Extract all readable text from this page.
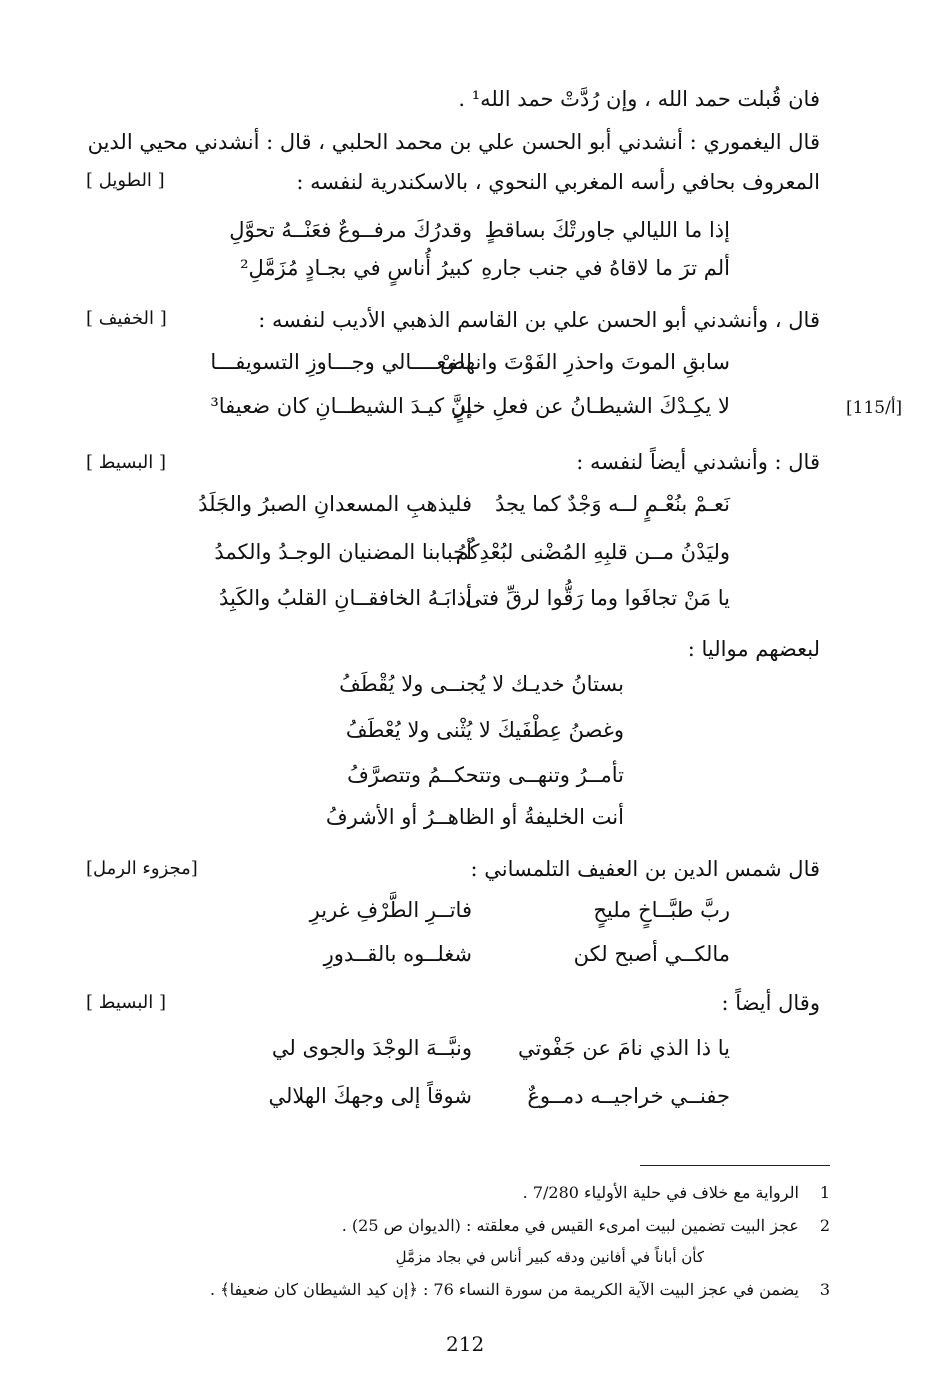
فان قُبلت حمد الله ، وإن رُدَّتْ حمد الله¹ .
قال اليغموري : أنشدني أبو الحسن علي بن محمد الحلبي ، قال : أنشدني محيي الدين
المعروف بحافي رأسه المغربي النحوي ، بالاسكندرية لنفسه :
[ الطويل ]
إذا ما الليالي جاورتْكَ بساقطٍ
وقدرُكَ مرفــوعٌ فعَنْــهُ تحوَّلِ
ألم ترَ ما لاقاهُ في جنب جارهِ
كبيرُ أُناسٍ في بجـادٍ مُزَمَّلِ²
قال ، وأنشدني أبو الحسن علي بن القاسم الذهبي الأديب لنفسه :
[ الخفيف ]
سابقِ الموتَ واحذرِ الفَوْتَ وانهضْ
للمعــــالي وجـــاوزِ التسويفـــا
لا يكِـدْكَ الشيطـانُ عن فعلِ خيرٍ
إنَّ كيـدَ الشيطــانِ كان ضعيفا³	[115/أ]
قال : وأنشدني أيضاً لنفسه :
[ البسيط ]
نَعـمْ بنُعْـمٍ لــه وَجْدٌ كما يجدُ
فليذهبِ المسعدانِ الصبرُ والجَلَدُ
وليَدْنُ مــن قلبِهِ المُضْنى لبُعْدِكُمُ
أحبابنا المضنيان الوجـدُ والكمدُ
يا مَنْ تجافَوا وما رَقُّوا لرقِّ فتى
أذابَـهُ الخافقــانِ القلبُ والكَبِدُ
لبعضهم مواليا :
بستانُ خديـك لا يُجنــى ولا يُقْطَفُ
وغصنُ عِطْفَيكَ لا يُثْنى ولا يُعْطَفُ
تأمــرُ وتنهــى وتتحكــمُ وتتصرَّفُ
أنت الخليفةُ أو الظاهــرُ أو الأشرفُ
قال شمس الدين بن العفيف التلمساني :
[مجزوء الرمل]
ربَّ طبَّــاخٍ مليحٍ
فاتــرِ الطَّرْفِ غريرِ
مالكــي أصبح لكن
شغلــوه بالقــدورِ
وقال أيضاً :
[ البسيط ]
يا ذا الذي نامَ عن جَفْوتي
ونبَّــهَ الوجْدَ والجوى لي
جفنــي خراجيــه دمــوعٌ
شوقاً إلى وجهكَ الهلالي
1 الرواية مع خلاف في حلية الأولياء 7/280 .
2 عجز البيت تضمين لبيت امرىء القيس في معلقته : (الديوان ص 25) .
كأن أباناً في أفانين ودقه كبير أناس في بجاد مزمَّلِ
3 يضمن في عجز البيت الآية الكريمة من سورة النساء 76 : ﴿إن كيد الشيطان كان ضعيفا﴾ .
212
